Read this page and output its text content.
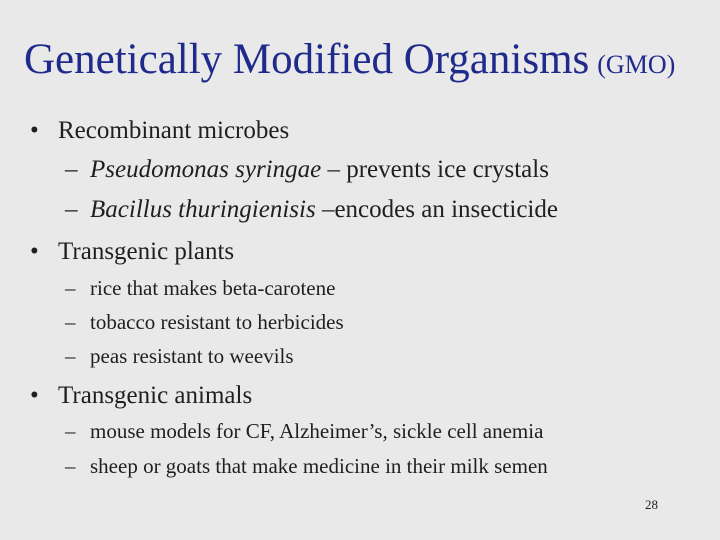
Genetically Modified Organisms (GMO)
• Recombinant microbes
– Pseudomonas syringae – prevents ice crystals
– Bacillus thuringienisis –encodes an insecticide
• Transgenic plants
– rice that makes beta-carotene
– tobacco resistant to herbicides
– peas resistant to weevils
• Transgenic animals
– mouse models for CF, Alzheimer’s, sickle cell anemia
– sheep or goats that make medicine in their milk semen
28
